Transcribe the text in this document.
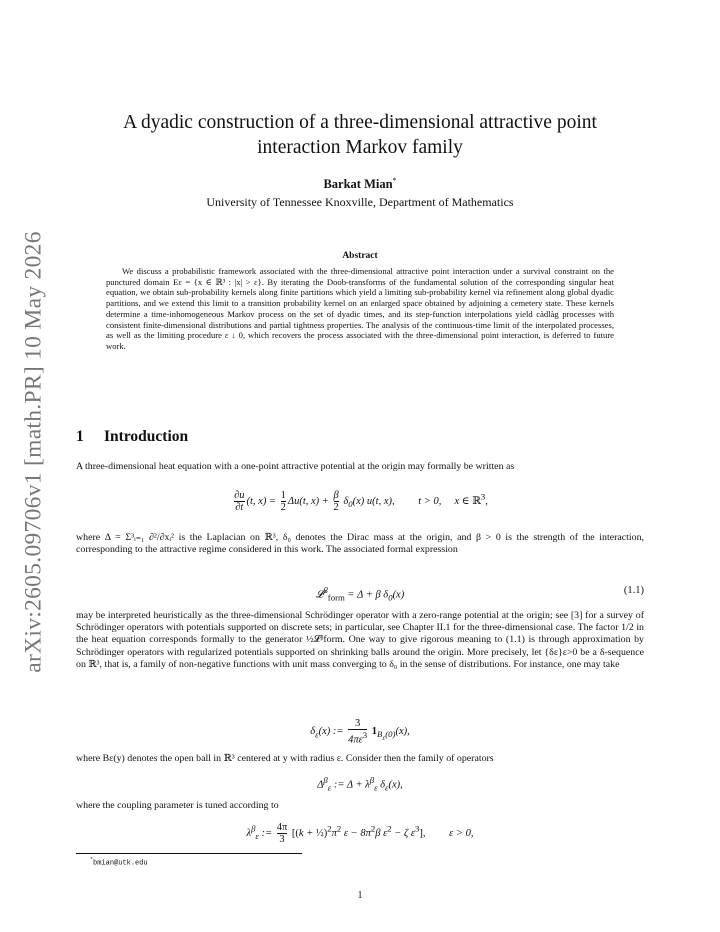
arXiv:2605.09706v1 [math.PR] 10 May 2026
A dyadic construction of a three-dimensional attractive point
interaction Markov family
Barkat Mian*
University of Tennessee Knoxville, Department of Mathematics
Abstract
We discuss a probabilistic framework associated with the three-dimensional attractive point interaction under a survival constraint on the punctured domain Eε = {x ∈ ℝ³ : |x| > ε}. By iterating the Doob-transforms of the fundamental solution of the corresponding singular heat equation, we obtain sub-probability kernels along finite partitions which yield a limiting sub-probability kernel via refinement along global dyadic partitions, and we extend this limit to a transition probability kernel on an enlarged space obtained by adjoining a cemetery state. These kernels determine a time-inhomogeneous Markov process on the set of dyadic times, and its step-function interpolations yield càdlàg processes with consistent finite-dimensional distributions and partial tightness properties. The analysis of the continuous-time limit of the interpolated processes, as well as the limiting procedure ε ↓ 0, which recovers the process associated with the three-dimensional point interaction, is deferred to future work.
1 Introduction
A three-dimensional heat equation with a one-point attractive potential at the origin may formally be written as
$\frac{\partial u}{\partial t} (t$, $x) = \frac{1}{2} \Delta u(t$, $x) + \frac{\beta}{2} \delta_0(x)$ u(t, x),         t > 0,     x ∈ ℝ$^3$,
where Δ = Σ³ᵢ₌₁ ∂²/∂xᵢ² is the Laplacian on ℝ³, δ₀ denotes the Dirac mass at the origin, and β > 0 is the strength of the interaction, corresponding to the attractive regime considered in this work. The associated formal expression
𝓛$^\beta_{form}$ = Δ + β $\delta_0(x)$	(1.1)
may be interpreted heuristically as the three-dimensional Schrödinger operator with a zero-range potential at the origin; see [3] for a survey of Schrödinger operators with potentials supported on discrete sets; in particular, see Chapter II.1 for the three-dimensional case. The factor 1/2 in the heat equation corresponds formally to the generator ½𝓛ᵝform. One way to give rigorous meaning to (1.1) is through approximation by Schrödinger operators with regularized potentials supported on shrinking balls around the origin. More precisely, let {δε}ε>0 be a δ-sequence on ℝ³, that is, a family of non-negative functions with unit mass converging to δ₀ in the sense of distributions. For instance, one may take
$\delta_\varepsilon(x)$ := $\frac{3}{4\pi\varepsilon^3} 1_{B_\varepsilon(0)}(x)$,
where Bε(y) denotes the open ball in ℝ³ centered at y with radius ε. Consider then the family of operators
$\Delta^\beta_\varepsilon$ := $\Delta + \lambda^\beta_\varepsilon$ $\delta_\varepsilon(x)$,
where the coupling parameter is tuned according to
$\lambda^\beta_\varepsilon$ := $\frac{4\pi}{3} [(k$ + $\frac{1}{2})^2\pi^2$ $\varepsilon - 8\pi^2\beta$ $\varepsilon^2 - \zeta$ $\varepsilon^3$],         ε > 0,
*bmian@utk.edu
1
